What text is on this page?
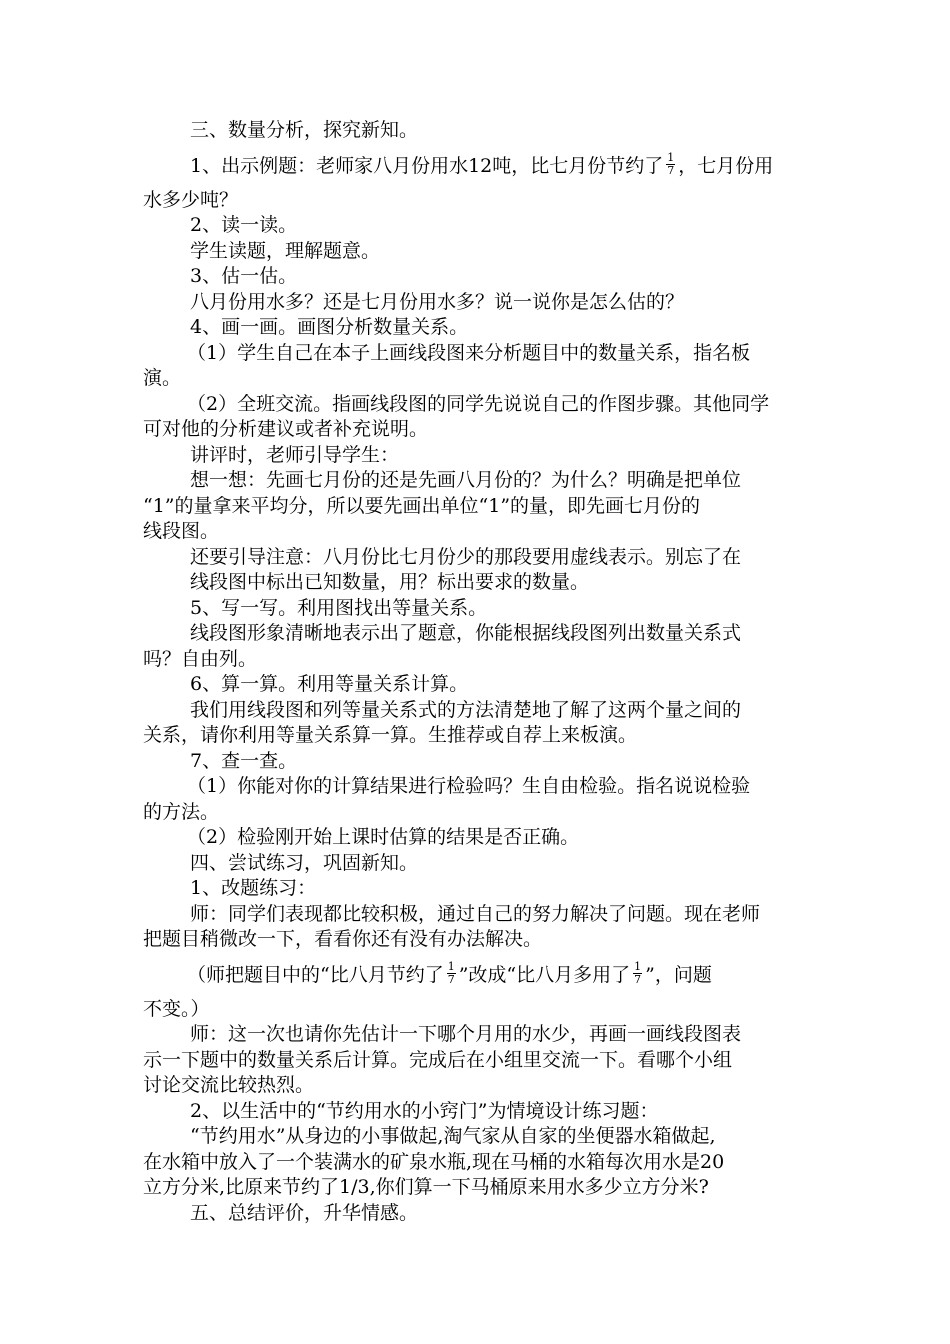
三、数量分析，探究新知。

1、出示例题：老师家八月份用水12吨，比七月份节约了 $\frac{1}{7}$ ，七月份用

水多少吨？

2、读一读。

学生读题，理解题意。

3、估一估。

八月份用水多？还是七月份用水多？说一说你是怎么估的？

4、画一画。画图分析数量关系。

（1）学生自己在本子上画线段图来分析题目中的数量关系，指名板

演。

（2）全班交流。指画线段图的同学先说说自己的作图步骤。其他同学

可对他的分析建议或者补充说明。

讲评时，老师引导学生：

想一想：先画七月份的还是先画八月份的？为什么？明确是把单位

“1”的量拿来平均分，所以要先画出单位“1”的量，即先画七月份的

线段图。

还要引导注意：八月份比七月份少的那段要用虚线表示。别忘了在

线段图中标出已知数量，用？标出要求的数量。

5、写一写。利用图找出等量关系。

线段图形象清晰地表示出了题意，你能根据线段图列出数量关系式

吗？自由列。

6、算一算。利用等量关系计算。

我们用线段图和列等量关系式的方法清楚地了解了这两个量之间的

关系，请你利用等量关系算一算。生推荐或自荐上来板演。

7、查一查。

（1）你能对你的计算结果进行检验吗？生自由检验。指名说说检验

的方法。

（2）检验刚开始上课时估算的结果是否正确。

四、尝试练习，巩固新知。

1、改题练习：

师：同学们表现都比较积极，通过自己的努力解决了问题。现在老师

把题目稍微改一下，看看你还有没有办法解决。

（师把题目中的“比八月节约了 $\frac{1}{7}$ ”改成“比八月多用了 $\frac{1}{7}$ ”，问题

不变。）

师：这一次也请你先估计一下哪个月用的水少，再画一画线段图表

示一下题中的数量关系后计算。完成后在小组里交流一下。看哪个小组

讨论交流比较热烈。

2、以生活中的“节约用水的小窍门”为情境设计练习题：

“节约用水”从身边的小事做起,淘气家从自家的坐便器水箱做起,

在水箱中放入了一个装满水的矿泉水瓶,现在马桶的水箱每次用水是20

立方分米,比原来节约了1/3,你们算一下马桶原来用水多少立方分米?

五、总结评价，升华情感。
